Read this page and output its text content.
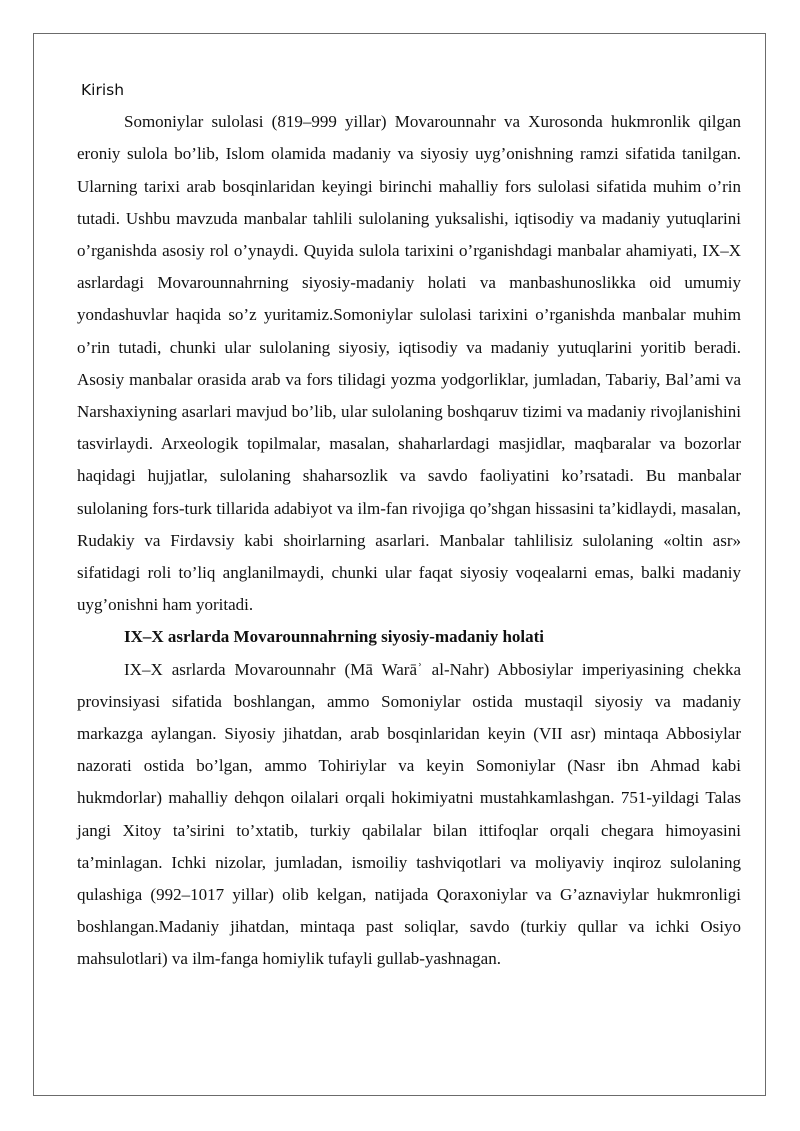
Kirish

Somoniylar sulolasi (819–999 yillar) Movarounnahr va Xurosonda hukmronlik qilgan eroniy sulola bo’lib, Islom olamida madaniy va siyosiy uyg’onishning ramzi sifatida tanilgan. Ularning tarixi arab bosqinlaridan keyingi birinchi mahalliy fors sulolasi sifatida muhim o’rin tutadi. Ushbu mavzuda manbalar tahlili sulolaning yuksalishi, iqtisodiy va madaniy yutuqlarini o’rganishda asosiy rol o’ynaydi. Quyida sulola tarixini o’rganishdagi manbalar ahamiyati, IX–X asrlardagi Movarounnahrning siyosiy-madaniy holati va manbashunoslikka oid umumiy yondashuvlar haqida so’z yuritamiz.Somoniylar sulolasi tarixini o’rganishda manbalar muhim o’rin tutadi, chunki ular sulolaning siyosiy, iqtisodiy va madaniy yutuqlarini yoritib beradi. Asosiy manbalar orasida arab va fors tilidagi yozma yodgorliklar, jumladan, Tabariy, Bal’ami va Narshaxiyning asarlari mavjud bo’lib, ular sulolaning boshqaruv tizimi va madaniy rivojlanishini tasvirlaydi. Arxeologik topilmalar, masalan, shaharlardagi masjidlar, maqbaralar va bozorlar haqidagi hujjatlar, sulolaning shaharsozlik va savdo faoliyatini ko’rsatadi. Bu manbalar sulolaning fors-turk tillarida adabiyot va ilm-fan rivojiga qo’shgan hissasini ta’kidlaydi, masalan, Rudakiy va Firdavsiy kabi shoirlarning asarlari. Manbalar tahlilisiz sulolaning «oltin asr» sifatidagi roli to’liq anglanilmaydi, chunki ular faqat siyosiy voqealarni emas, balki madaniy uyg’onishni ham yoritadi.

IX–X asrlarda Movarounnahrning siyosiy-madaniy holati

IX–X asrlarda Movarounnahr (Mā Warāʾ al-Nahr) Abbosiylar imperiyasining chekka provinsiyasi sifatida boshlangan, ammo Somoniylar ostida mustaqil siyosiy va madaniy markazga aylangan. Siyosiy jihatdan, arab bosqinlaridan keyin (VII asr) mintaqa Abbosiylar nazorati ostida bo’lgan, ammo Tohiriylar va keyin Somoniylar (Nasr ibn Ahmad kabi hukmdorlar) mahalliy dehqon oilalari orqali hokimiyatni mustahkamlashgan. 751-yildagi Talas jangi Xitoy ta’sirini to’xtatib, turkiy qabilalar bilan ittifoqlar orqali chegara himoyasini ta’minlagan. Ichki nizolar, jumladan, ismoiliy tashviqotlari va moliyaviy inqiroz sulolaning qulashiga (992–1017 yillar) olib kelgan, natijada Qoraxoniylar va G’aznaviylar hukmronligi boshlangan.Madaniy jihatdan, mintaqa past soliqlar, savdo (turkiy qullar va ichki Osiyo mahsulotlari) va ilm-fanga homiylik tufayli gullab-yashnagan.
